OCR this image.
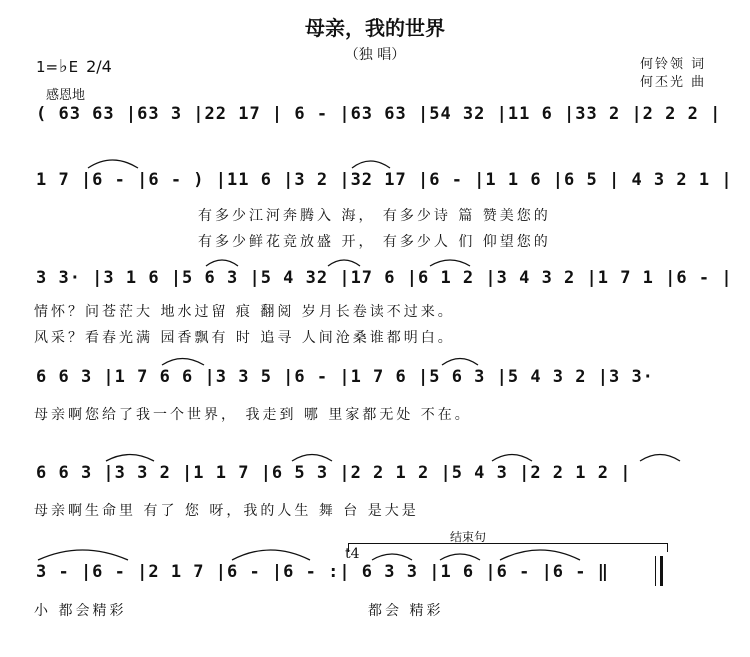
母亲，我的世界
（独 唱）
1=♭E 2/4
感恩地
何铃领 词
何丕光 曲
( 63 63 |63 3 |22 17 | 6 - |63 63 |54 32 |11 6 |33 2 |2 2 2 |
1 7 |6 - |6 - ) |11 6 |3 2 |32 17 |6 - |1 1 6 |6 5 | 4 3 2 1 |
有多少江河奔腾入 海， 有多少诗 篇 赞美您的
有多少鲜花竞放盛 开， 有多少人 们 仰望您的
3 3· |3 1 6 |5 6 3 |5 4 32 |17 6 |6 1 2 |3 4 3 2 |1 7 1 |6 - |
情怀？问苍茫大 地水过留 痕 翻阅 岁月长卷读不过来。
风采？看春光满 园香飘有 时 追寻 人间沧桑谁都明白。
6 6 3 |1 7 6 6 |3 3 5 |6 - |1 7 6 |5 6 3 |5 4 3 2 |3 3·
母亲啊您给了我一个世界， 我走到 哪 里家都无处 不在。
6 6 3 |3 3 2 |1 1 7 |6 5 3 |2 2 1 2 |5 4 3 |2 2 1 2 |
母亲啊生命里 有了 您 呀，我的人生 舞 台 是大是
3 - |6 - |2 1 7 |6 - |6 - :| 6 3 3 |1 6 |6 - |6 - ‖
小 都会精彩	都会 精彩
结束句
t4
